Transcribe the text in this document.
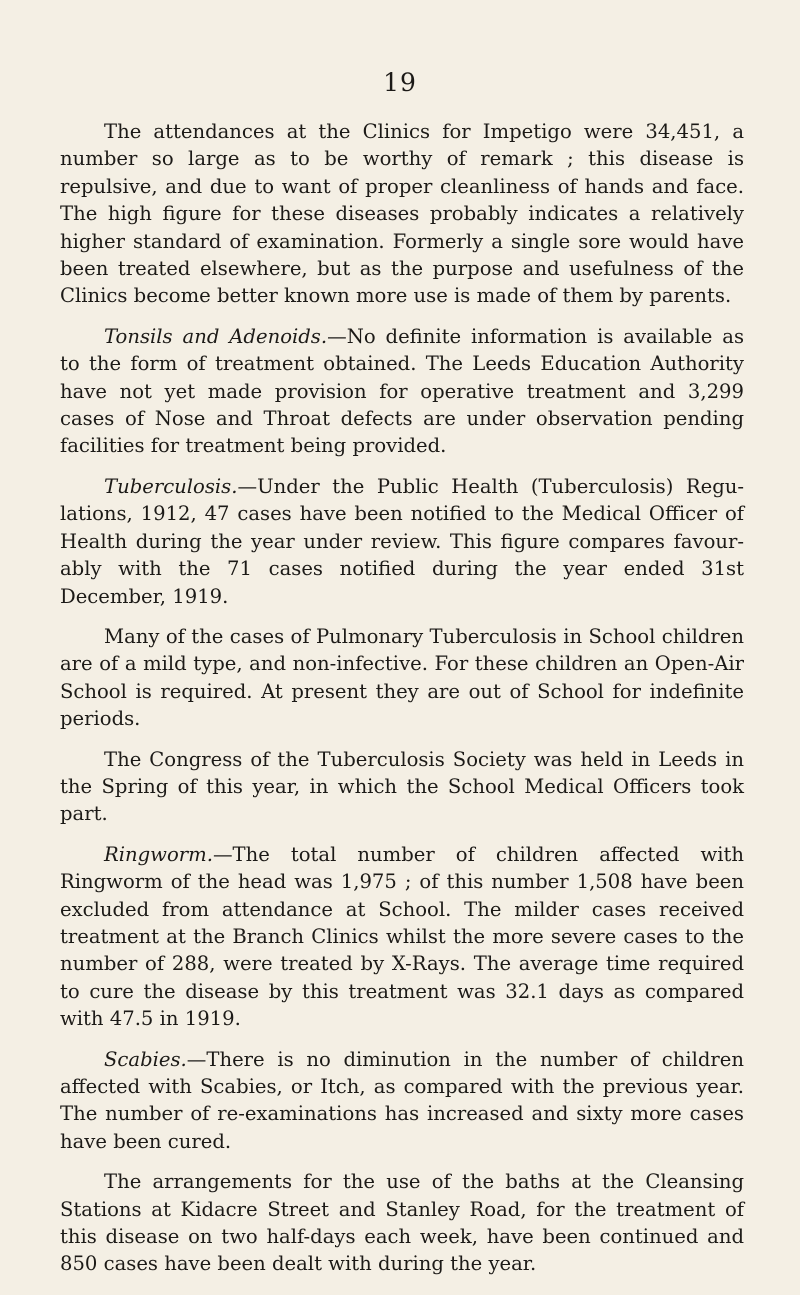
19

The attendances at the Clinics for Impetigo were 34,451, a number so large as to be worthy of remark ; this disease is repulsive, and due to want of proper cleanliness of hands and face. The high figure for these diseases probably indicates a relatively higher standard of examination. Formerly a single sore would have been treated elsewhere, but as the purpose and usefulness of the Clinics become better known more use is made of them by parents.

Tonsils and Adenoids.—No definite information is available as to the form of treatment obtained. The Leeds Education Authority have not yet made provision for operative treatment and 3,299 cases of Nose and Throat defects are under observation pending facilities for treatment being provided.

Tuberculosis.—Under the Public Health (Tuberculosis) Regulations, 1912, 47 cases have been notified to the Medical Officer of Health during the year under review. This figure compares favourably with the 71 cases notified during the year ended 31st December, 1919.

Many of the cases of Pulmonary Tuberculosis in School children are of a mild type, and non-infective. For these children an Open-Air School is required. At present they are out of School for indefinite periods.

The Congress of the Tuberculosis Society was held in Leeds in the Spring of this year, in which the School Medical Officers took part.

Ringworm.—The total number of children affected with Ringworm of the head was 1,975 ; of this number 1,508 have been excluded from attendance at School. The milder cases received treatment at the Branch Clinics whilst the more severe cases to the number of 288, were treated by X-Rays. The average time required to cure the disease by this treatment was 32.1 days as compared with 47.5 in 1919.

Scabies.—There is no diminution in the number of children affected with Scabies, or Itch, as compared with the previous year. The number of re-examinations has increased and sixty more cases have been cured.

The arrangements for the use of the baths at the Cleansing Stations at Kidacre Street and Stanley Road, for the treatment of this disease on two half-days each week, have been continued and 850 cases have been dealt with during the year.
